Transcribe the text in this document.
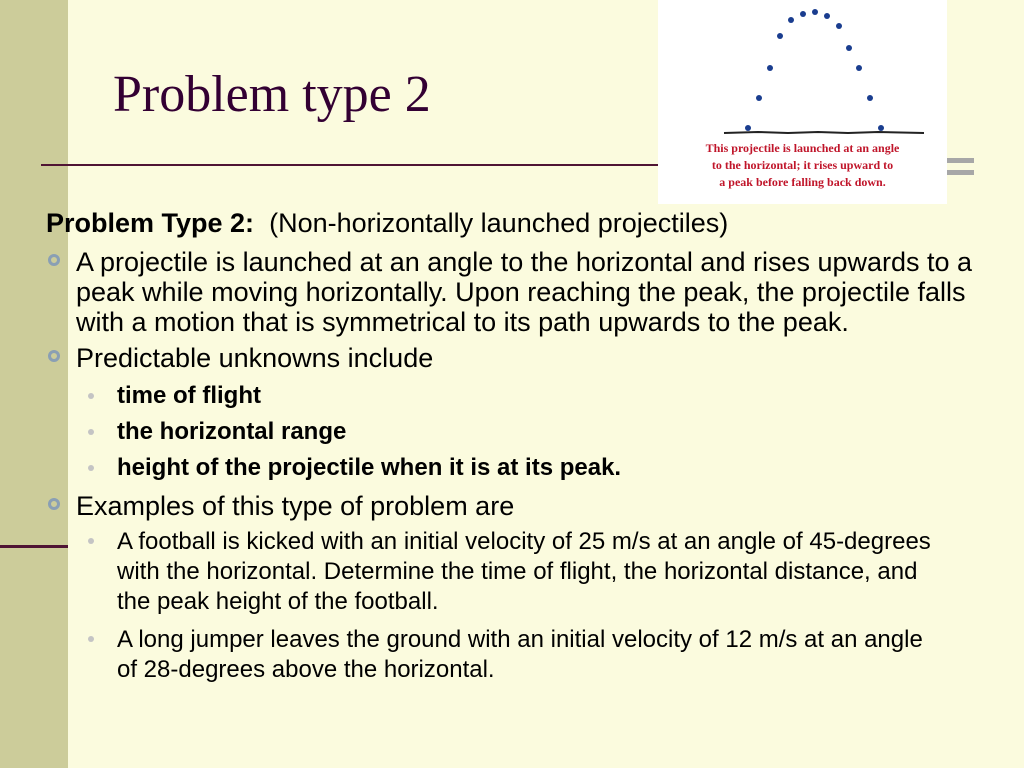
Problem type 2
This projectile is launched at an angle
to the horizontal; it rises upward to
a peak before falling back down.
Problem Type 2: (Non-horizontally launched projectiles)
A projectile is launched at an angle to the horizontal and rises upwards to a peak while moving horizontally. Upon reaching the peak, the projectile falls with a motion that is symmetrical to its path upwards to the peak.
Predictable unknowns include
time of flight
the horizontal range
height of the projectile when it is at its peak.
Examples of this type of problem are
A football is kicked with an initial velocity of 25 m/s at an angle of 45-degrees with the horizontal. Determine the time of flight, the horizontal distance, and the peak height of the football.
A long jumper leaves the ground with an initial velocity of 12 m/s at an angle of 28-degrees above the horizontal.
